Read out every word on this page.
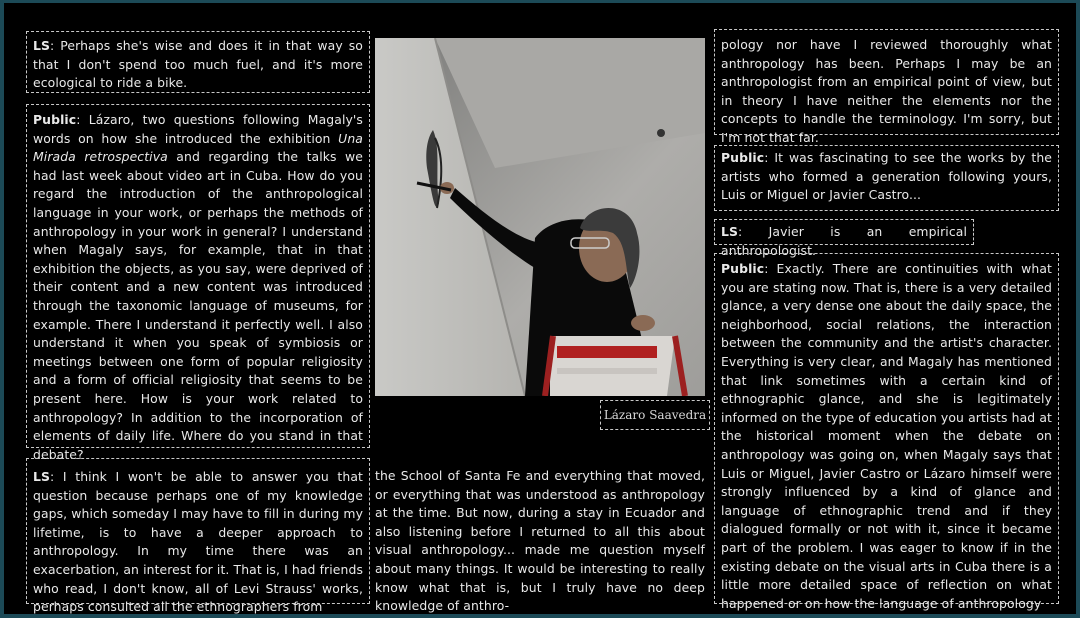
LS: Perhaps she's wise and does it in that way so that I don't spend too much fuel, and it's more ecological to ride a bike.
Public: Lázaro, two questions following Magaly's words on how she introduced the exhibition Una Mirada retrospectiva and regarding the talks we had last week about video art in Cuba. How do you regard the introduction of the anthropological language in your work, or perhaps the methods of anthropology in your work in general? I understand when Magaly says, for example, that in that exhibition the objects, as you say, were deprived of their content and a new content was introduced through the taxonomic language of museums, for example. There I understand it perfectly well. I also understand it when you speak of symbiosis or meetings between one form of popular religiosity and a form of official religiosity that seems to be present here. How is your work related to anthropology? In addition to the incorporation of elements of daily life. Where do you stand in that debate?
LS: I think I won't be able to answer you that question because perhaps one of my knowledge gaps, which someday I may have to fill in during my lifetime, is to have a deeper approach to anthropology. In my time there was an exacerbation, an interest for it. That is, I had friends who read, I don't know, all of Levi Strauss' works, perhaps consulted all the ethnographers from
Lázaro Saavedra
the School of Santa Fe and everything that moved, or everything that was understood as anthropology at the time. But now, during a stay in Ecuador and also listening before I returned to all this about visual anthropology... made me question myself about many things. It would be interesting to really know what that is, but I truly have no deep knowledge of anthro-
pology nor have I reviewed thoroughly what anthropology has been. Perhaps I may be an anthropologist from an empirical point of view, but in theory I have neither the elements nor the concepts to handle the terminology. I'm sorry, but I'm not that far.
Public: It was fascinating to see the works by the artists who formed a generation following yours, Luis or Miguel or Javier Castro...
LS: Javier is an empirical anthropologist.
Public: Exactly. There are continuities with what you are stating now. That is, there is a very detailed glance, a very dense one about the daily space, the neighborhood, social relations, the interaction between the community and the artist's character. Everything is very clear, and Magaly has mentioned that link sometimes with a certain kind of ethnographic glance, and she is legitimately informed on the type of education you artists had at the historical moment when the debate on anthropology was going on, when Magaly says that Luis or Miguel, Javier Castro or Lázaro himself were strongly influenced by a kind of glance and language of ethnographic trend and if they dialogued formally or not with it, since it became part of the problem. I was eager to know if in the existing debate on the visual arts in Cuba there is a little more detailed space of reflection on what happened or on how the language of anthropology
